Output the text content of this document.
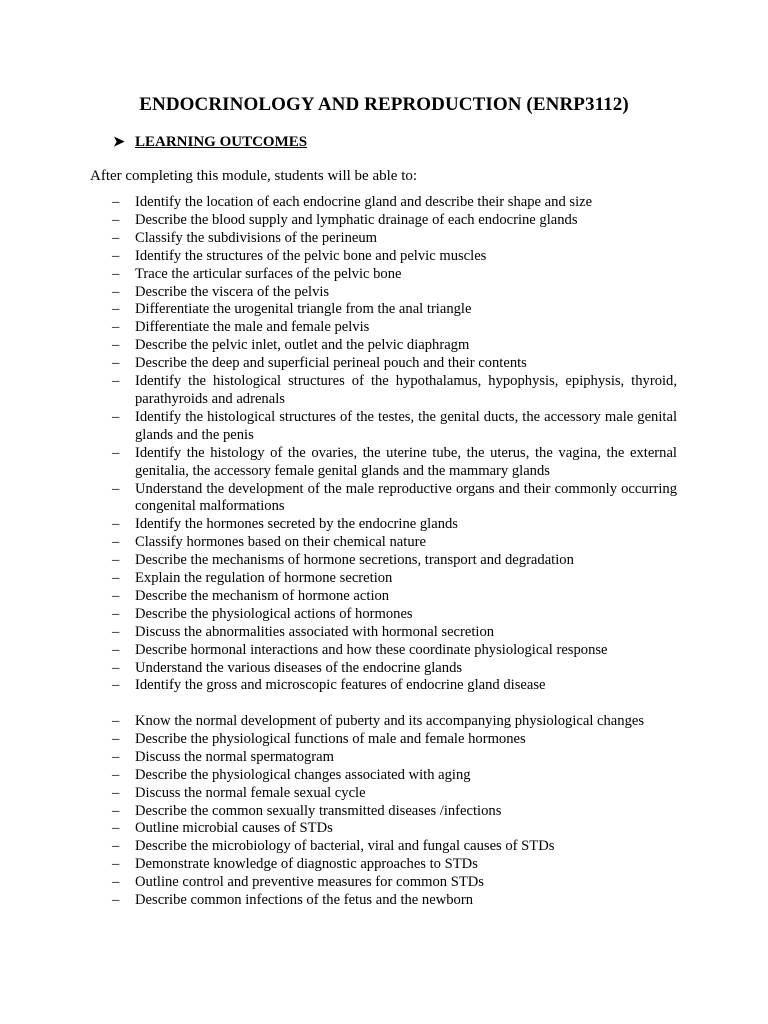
ENDOCRINOLOGY AND REPRODUCTION (ENRP3112)
➤ LEARNING OUTCOMES
After completing this module, students will be able to:
–	Identify the location of each endocrine gland and describe their shape and size
–	Describe the blood supply and lymphatic drainage of each endocrine glands
–	Classify the subdivisions of the perineum
–	Identify the structures of the pelvic bone and pelvic muscles
–	Trace the articular surfaces of the pelvic bone
–	Describe the viscera of the pelvis
–	Differentiate the urogenital triangle from the anal triangle
–	Differentiate the male and female pelvis
–	Describe the pelvic inlet, outlet and the pelvic diaphragm
–	Describe the deep and superficial perineal pouch and their contents
–	Identify the histological structures of the hypothalamus, hypophysis, epiphysis, thyroid, parathyroids and adrenals
–	Identify the histological structures of the testes, the genital ducts, the accessory male genital glands and the penis
–	Identify the histology of the ovaries, the uterine tube, the uterus, the vagina, the external genitalia, the accessory female genital glands and the mammary glands
–	Understand the development of the male reproductive organs and their commonly occurring congenital malformations
–	Identify the hormones secreted by the endocrine glands
–	Classify hormones based on their chemical nature
–	Describe the mechanisms of hormone secretions, transport and degradation
–	Explain the regulation of hormone secretion
–	Describe the mechanism of hormone action
–	Describe the physiological actions of hormones
–	Discuss the abnormalities associated with hormonal secretion
–	Describe hormonal interactions and how these coordinate physiological response
–	Understand the various diseases of the endocrine glands
–	Identify the gross and microscopic features of endocrine gland disease
–	Know the normal development of puberty and its accompanying physiological changes
–	Describe the physiological functions of male and female hormones
–	Discuss the normal spermatogram
–	Describe the physiological changes associated with aging
–	Discuss the normal female sexual cycle
–	Describe the common sexually transmitted diseases /infections
–	Outline microbial causes of STDs
–	Describe the microbiology of bacterial, viral and fungal causes of STDs
–	Demonstrate knowledge of diagnostic approaches to STDs
–	Outline control and preventive measures for common STDs
–	Describe common infections of the fetus and the newborn
